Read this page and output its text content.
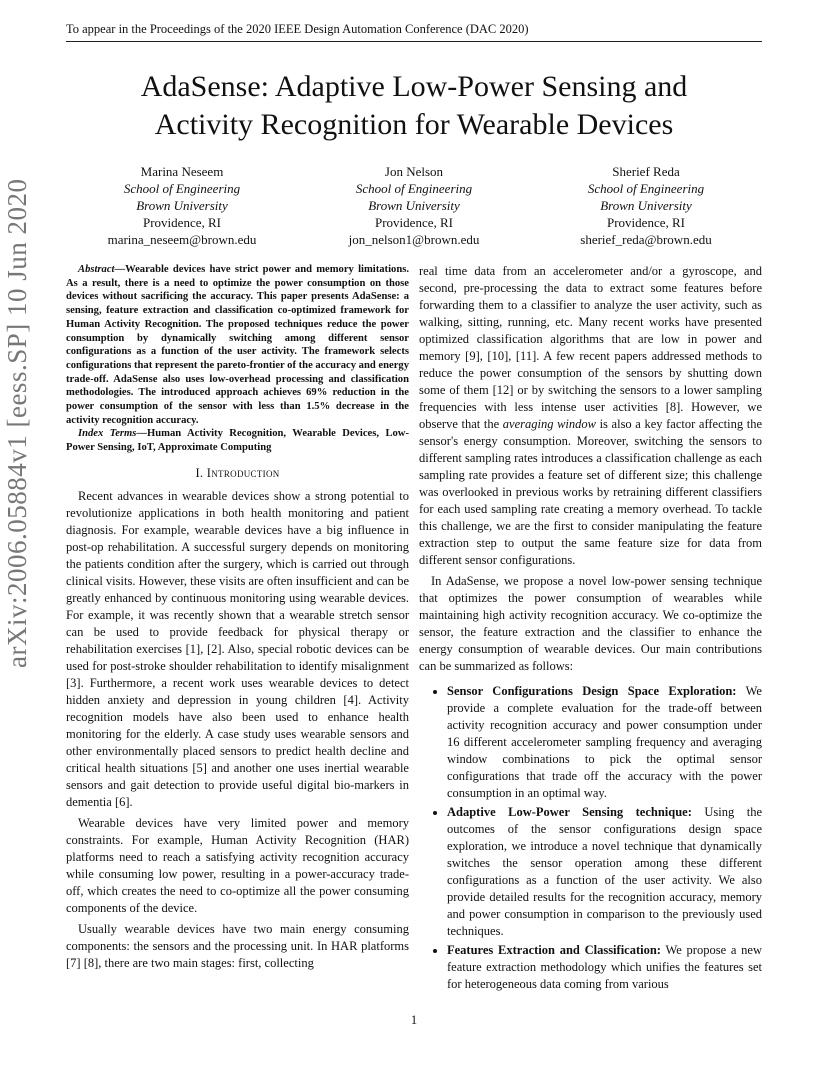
To appear in the Proceedings of the 2020 IEEE Design Automation Conference (DAC 2020)
arXiv:2006.05884v1 [eess.SP] 10 Jun 2020
AdaSense: Adaptive Low-Power Sensing and
Activity Recognition for Wearable Devices
Marina Neseem
School of Engineering
Brown University
Providence, RI
marina_neseem@brown.edu
Jon Nelson
School of Engineering
Brown University
Providence, RI
jon_nelson1@brown.edu
Sherief Reda
School of Engineering
Brown University
Providence, RI
sherief_reda@brown.edu

Abstract—Wearable devices have strict power and memory limitations. As a result, there is a need to optimize the power consumption on those devices without sacrificing the accuracy. This paper presents AdaSense: a sensing, feature extraction and classification co-optimized framework for Human Activity Recognition. The proposed techniques reduce the power consumption by dynamically switching among different sensor configurations as a function of the user activity. The framework selects configurations that represent the pareto-frontier of the accuracy and energy trade-off. AdaSense also uses low-overhead processing and classification methodologies. The introduced approach achieves 69% reduction in the power consumption of the sensor with less than 1.5% decrease in the activity recognition accuracy.

Index Terms—Human Activity Recognition, Wearable Devices, Low-Power Sensing, IoT, Approximate Computing

I. Introduction

Recent advances in wearable devices show a strong potential to revolutionize applications in both health monitoring and patient diagnosis. For example, wearable devices have a big influence in post-op rehabilitation. A successful surgery depends on monitoring the patients condition after the surgery, which is carried out through clinical visits. However, these visits are often insufficient and can be greatly enhanced by continuous monitoring using wearable devices. For example, it was recently shown that a wearable stretch sensor can be used to provide feedback for physical therapy or rehabilitation exercises [1], [2]. Also, special robotic devices can be used for post-stroke shoulder rehabilitation to identify misalignment [3]. Furthermore, a recent work uses wearable devices to detect hidden anxiety and depression in young children [4]. Activity recognition models have also been used to enhance health monitoring for the elderly. A case study uses wearable sensors and other environmentally placed sensors to predict health decline and critical health situations [5] and another one uses inertial wearable sensors and gait detection to provide useful digital bio-markers in dementia [6].

Wearable devices have very limited power and memory constraints. For example, Human Activity Recognition (HAR) platforms need to reach a satisfying activity recognition accuracy while consuming low power, resulting in a power-accuracy trade-off, which creates the need to co-optimize all the power consuming components of the device.

Usually wearable devices have two main energy consuming components: the sensors and the processing unit. In HAR platforms [7] [8], there are two main stages: first, collecting

real time data from an accelerometer and/or a gyroscope, and second, pre-processing the data to extract some features before forwarding them to a classifier to analyze the user activity, such as walking, sitting, running, etc. Many recent works have presented optimized classification algorithms that are low in power and memory [9], [10], [11]. A few recent papers addressed methods to reduce the power consumption of the sensors by shutting down some of them [12] or by switching the sensors to a lower sampling frequencies with less intense user activities [8]. However, we observe that the averaging window is also a key factor affecting the sensor's energy consumption. Moreover, switching the sensors to different sampling rates introduces a classification challenge as each sampling rate provides a feature set of different size; this challenge was overlooked in previous works by retraining different classifiers for each used sampling rate creating a memory overhead. To tackle this challenge, we are the first to consider manipulating the feature extraction step to output the same feature size for data from different sensor configurations.

In AdaSense, we propose a novel low-power sensing technique that optimizes the power consumption of wearables while maintaining high activity recognition accuracy. We co-optimize the sensor, the feature extraction and the classifier to enhance the energy consumption of wearable devices. Our main contributions can be summarized as follows:

• Sensor Configurations Design Space Exploration: We provide a complete evaluation for the trade-off between activity recognition accuracy and power consumption under 16 different accelerometer sampling frequency and averaging window combinations to pick the optimal sensor configurations that trade off the accuracy with the power consumption in an optimal way.
• Adaptive Low-Power Sensing technique: Using the outcomes of the sensor configurations design space exploration, we introduce a novel technique that dynamically switches the sensor operation among these different configurations as a function of the user activity. We also provide detailed results for the recognition accuracy, memory and power consumption in comparison to the previously used techniques.
• Features Extraction and Classification: We propose a new feature extraction methodology which unifies the features set for heterogeneous data coming from various
1
